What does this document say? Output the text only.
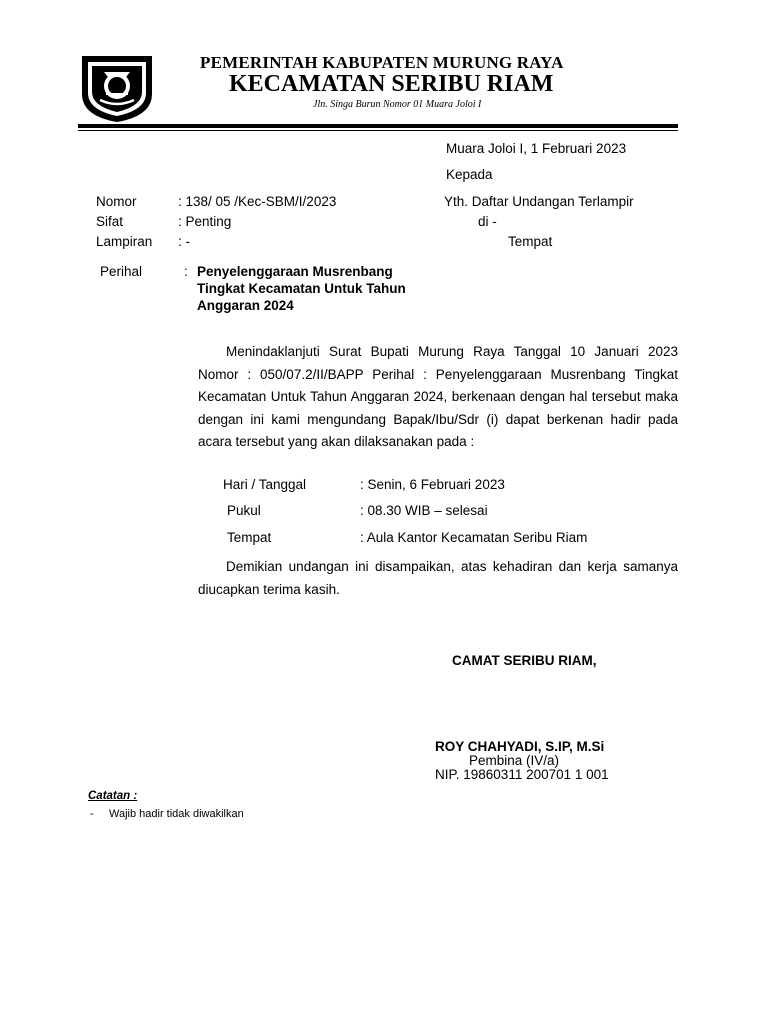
PEMERINTAH KABUPATEN MURUNG RAYA
KECAMATAN SERIBU RIAM
Jln. Singa Burun Nomor 01 Muara Joloi I
Muara Joloi I, 1 Februari 2023
Kepada
Yth. Daftar Undangan Terlampir
di -
Tempat
Nomor	: 138/ 05 /Kec-SBM/I/2023
Sifat	: Penting
Lampiran : -
Perihal	: Penyelenggaraan Musrenbang
Tingkat Kecamatan Untuk Tahun
Anggaran 2024
Menindaklanjuti Surat Bupati Murung Raya Tanggal 10 Januari 2023 Nomor : 050/07.2/II/BAPP Perihal : Penyelenggaraan Musrenbang Tingkat Kecamatan Untuk Tahun Anggaran 2024, berkenaan dengan hal tersebut maka dengan ini kami mengundang Bapak/Ibu/Sdr (i) dapat berkenan hadir pada acara tersebut yang akan dilaksanakan pada :
Hari / Tanggal	: Senin, 6 Februari 2023
Pukul	: 08.30 WIB – selesai
Tempat	: Aula Kantor Kecamatan Seribu Riam
Demikian undangan ini disampaikan, atas kehadiran dan kerja samanya diucapkan terima kasih.
CAMAT SERIBU RIAM,
ROY CHAHYADI, S.IP, M.Si
Pembina (IV/a)
NIP. 19860311 200701 1 001
Catatan :
- Wajib hadir tidak diwakilkan
